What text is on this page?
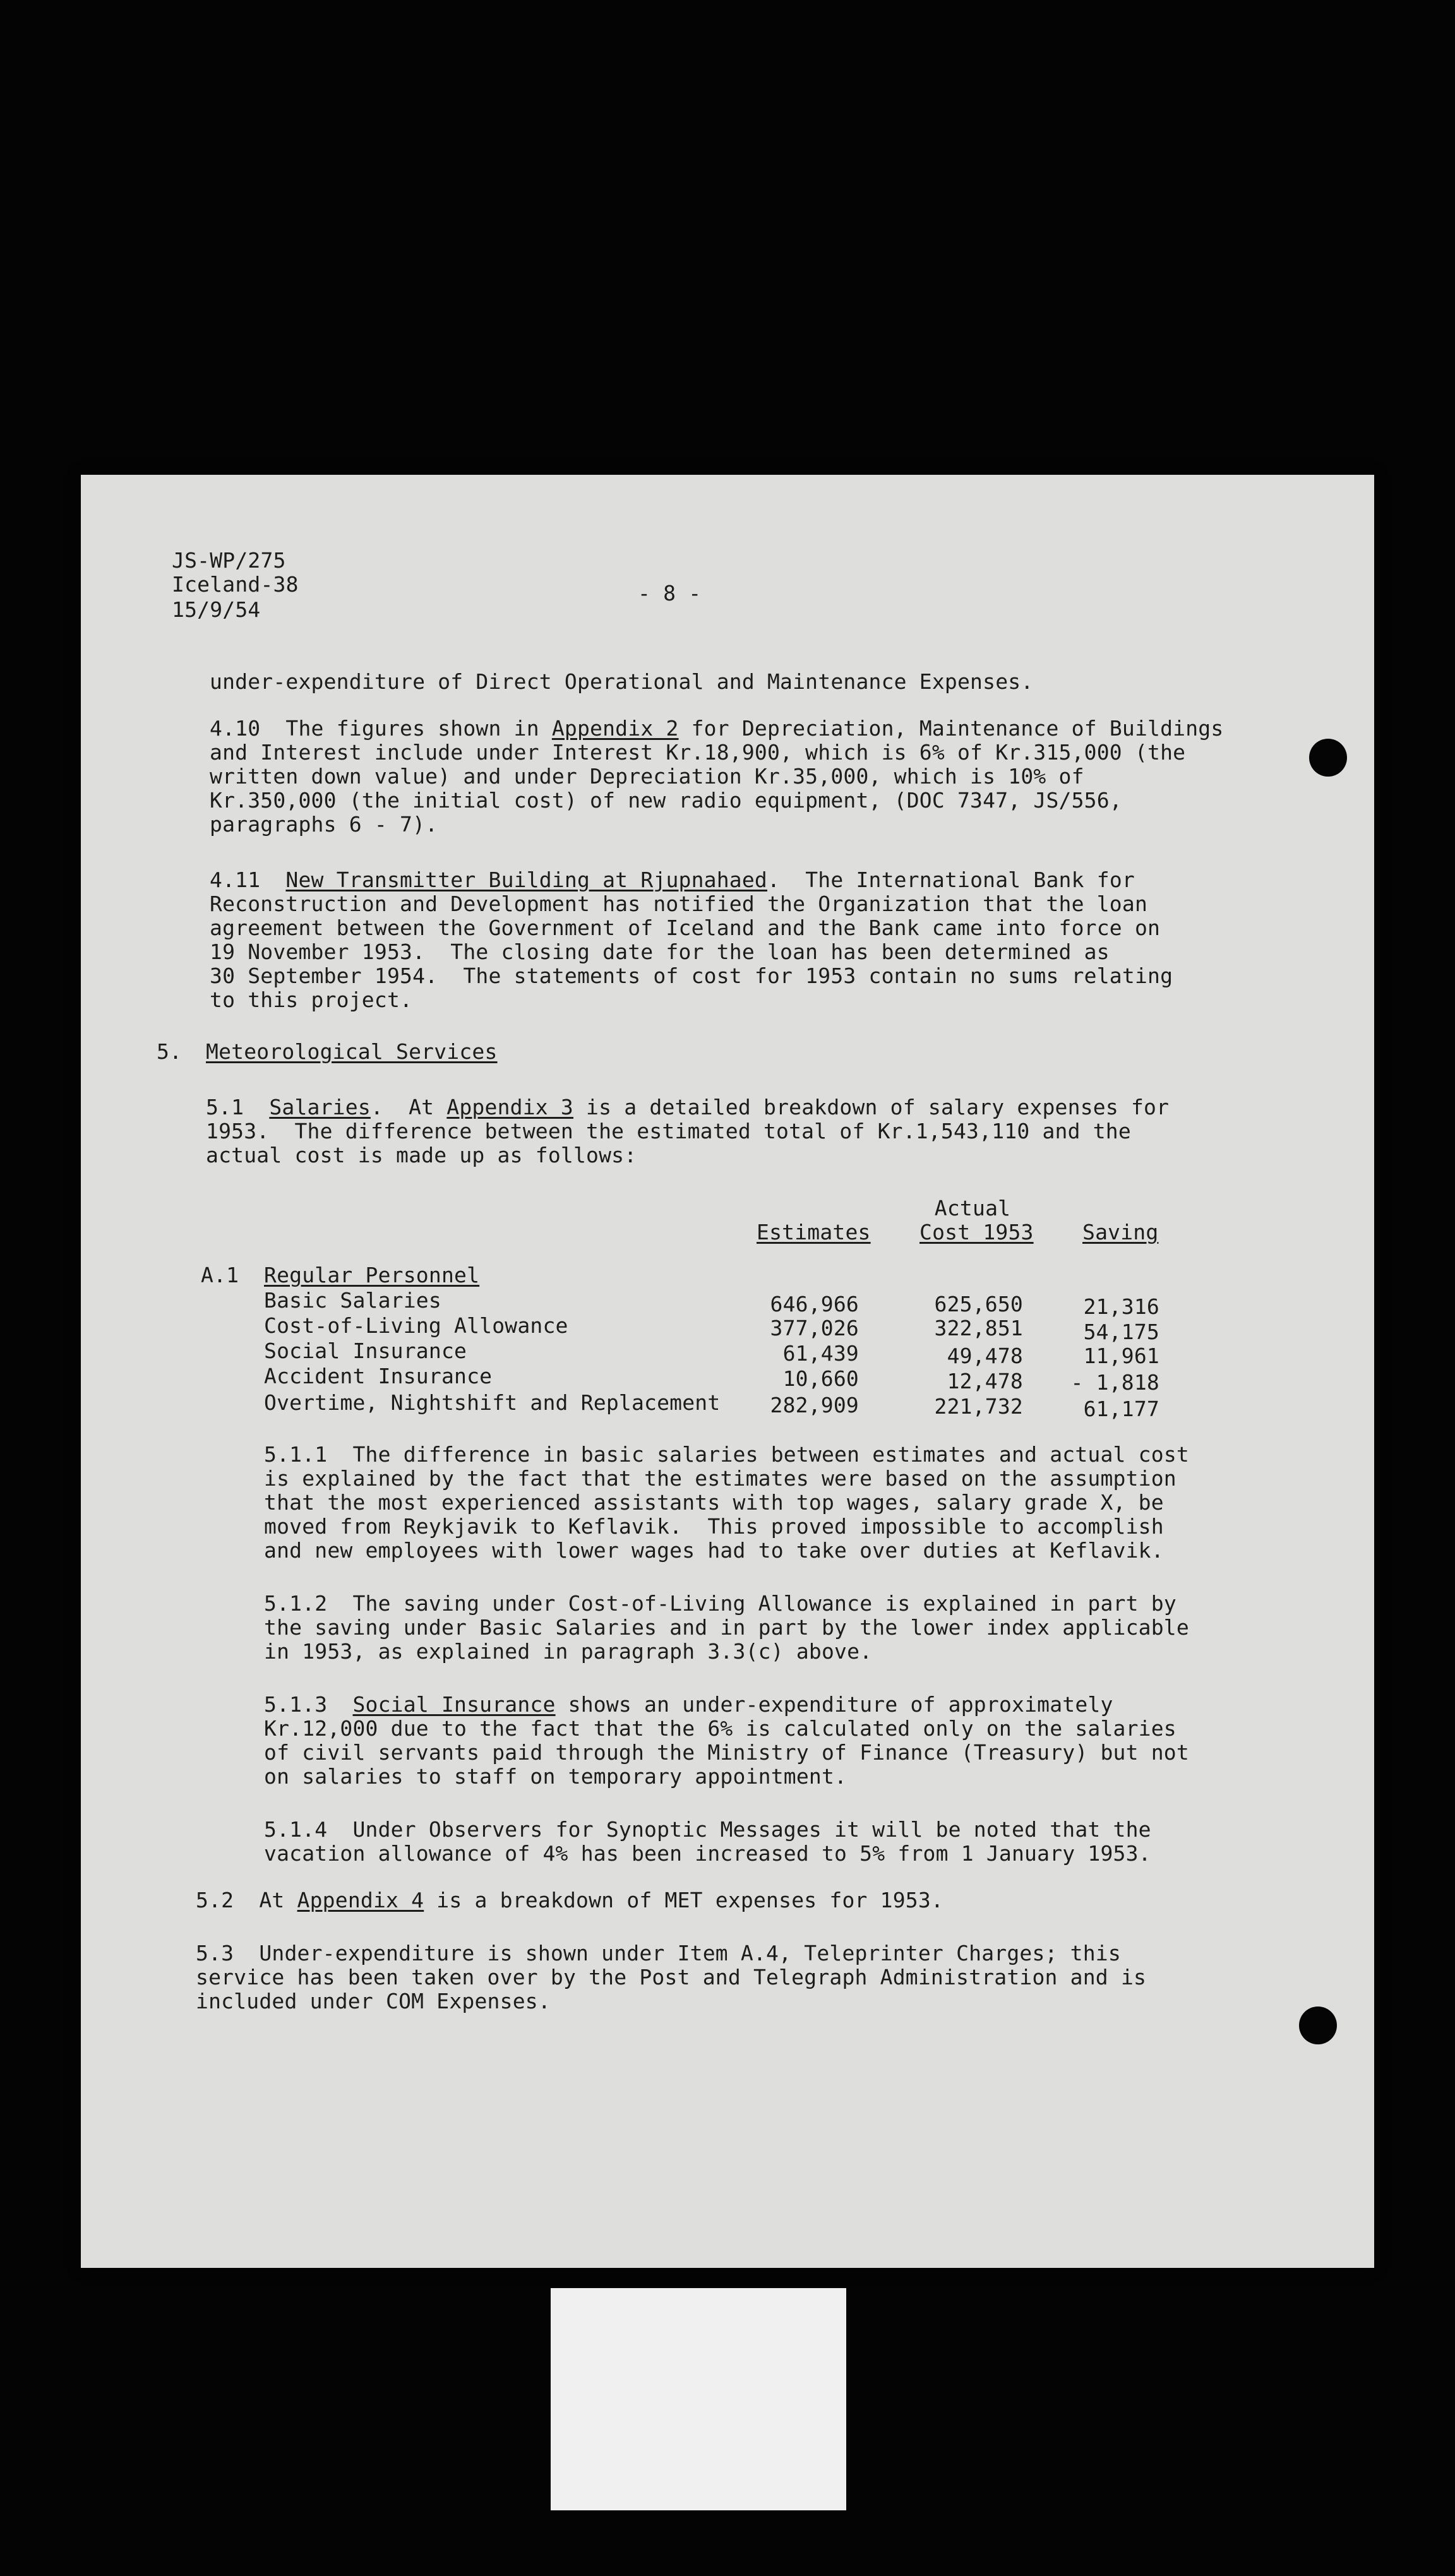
JS-WP/275
Iceland-38
15/9/54
- 8 -
under-expenditure of Direct Operational and Maintenance Expenses.
4.10 The figures shown in Appendix 2 for Depreciation, Maintenance of Buildings
and Interest include under Interest Kr.18,900, which is 6% of Kr.315,000 (the
written down value) and under Depreciation Kr.35,000, which is 10% of
Kr.350,000 (the initial cost) of new radio equipment, (DOC 7347, JS/556,
paragraphs 6 - 7).
4.11 New Transmitter Building at Rjupnahaed.  The International Bank for
Reconstruction and Development has notified the Organization that the loan
agreement between the Government of Iceland and the Bank came into force on
19 November 1953.  The closing date for the loan has been determined as
30 September 1954.  The statements of cost for 1953 contain no sums relating
to this project.
5. Meteorological Services
5.1 Salaries.  At Appendix 3 is a detailed breakdown of salary expenses for
1953.  The difference between the estimated total of Kr.1,543,110 and the
actual cost is made up as follows:
Actual
Estimates Cost 1953 Saving
A.1 Regular Personnel
Basic Salaries	646,966	625,650	21,316
Cost-of-Living Allowance	377,026	322,851	54,175
Social Insurance	61,439	49,478	11,961
Accident Insurance	10,660	12,478	- 1,818
Overtime, Nightshift and Replacement	282,909	221,732	61,177
5.1.1 The difference in basic salaries between estimates and actual cost
is explained by the fact that the estimates were based on the assumption
that the most experienced assistants with top wages, salary grade X, be
moved from Reykjavik to Keflavik.  This proved impossible to accomplish
and new employees with lower wages had to take over duties at Keflavik.
5.1.2 The saving under Cost-of-Living Allowance is explained in part by
the saving under Basic Salaries and in part by the lower index applicable
in 1953, as explained in paragraph 3.3(c) above.
5.1.3 Social Insurance shows an under-expenditure of approximately
Kr.12,000 due to the fact that the 6% is calculated only on the salaries
of civil servants paid through the Ministry of Finance (Treasury) but not
on salaries to staff on temporary appointment.
5.1.4 Under Observers for Synoptic Messages it will be noted that the
vacation allowance of 4% has been increased to 5% from 1 January 1953.
5.2 At Appendix 4 is a breakdown of MET expenses for 1953.
5.3 Under-expenditure is shown under Item A.4, Teleprinter Charges; this
service has been taken over by the Post and Telegraph Administration and is
included under COM Expenses.
